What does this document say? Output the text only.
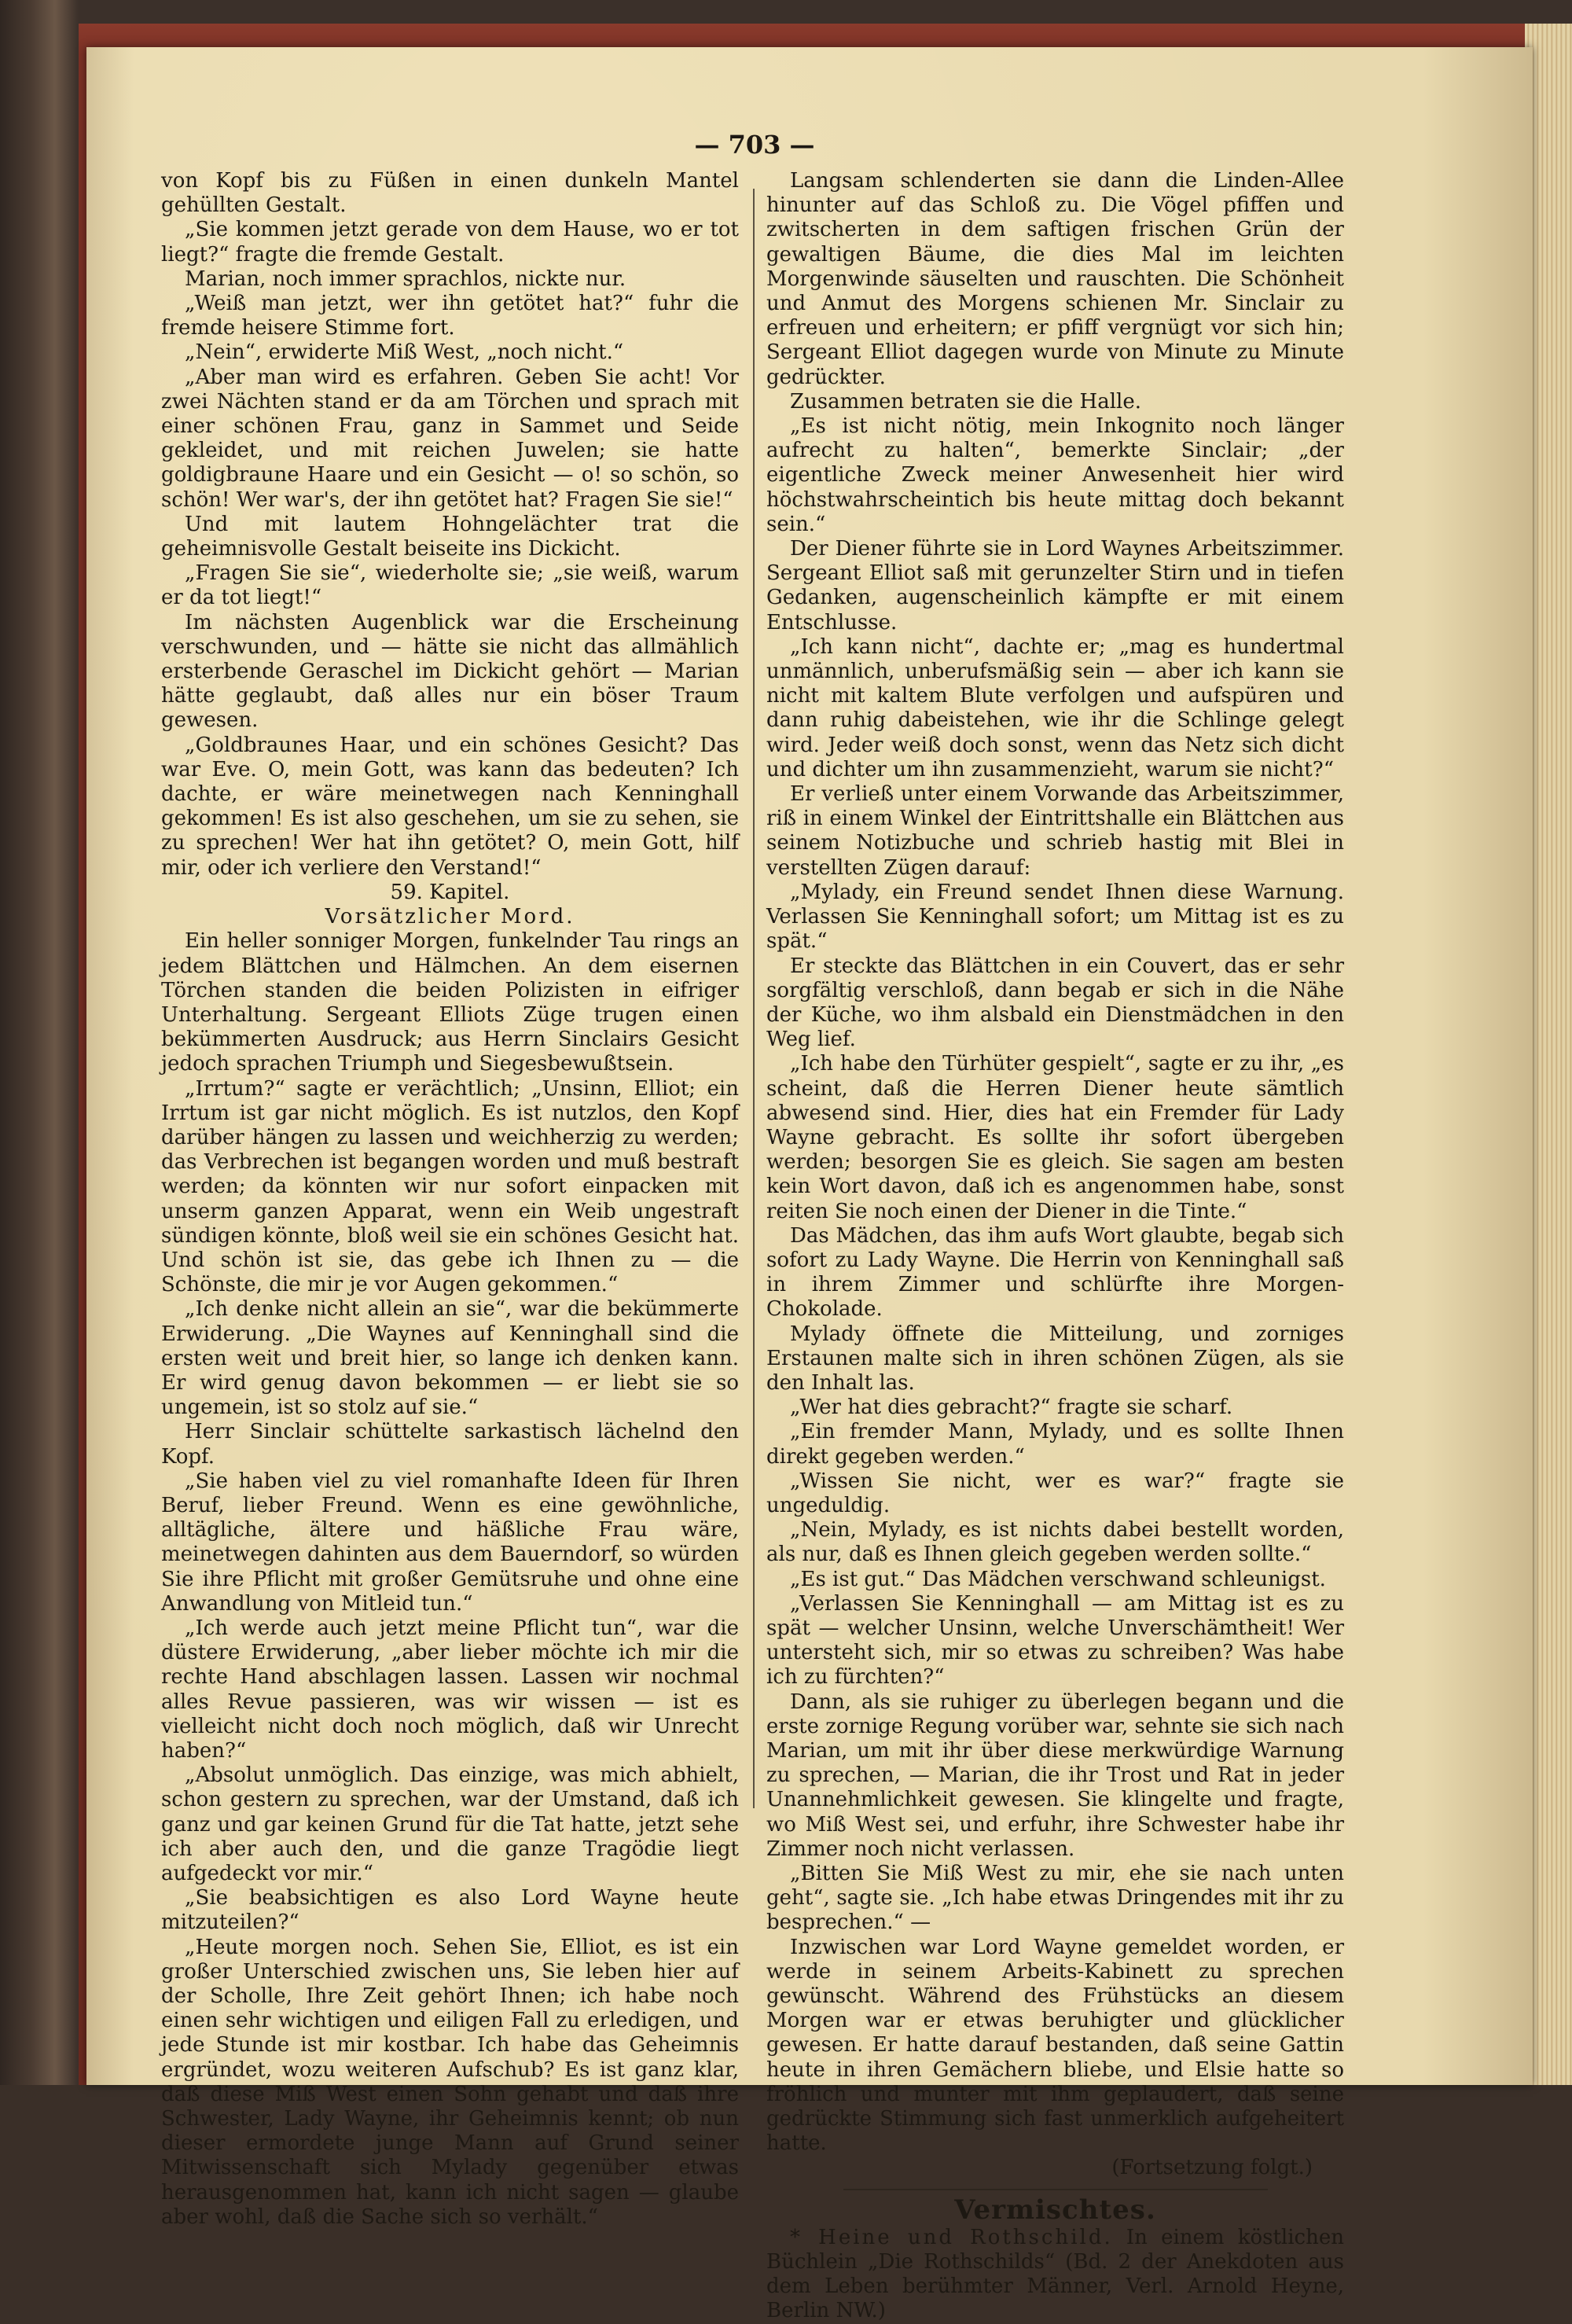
— 703 —

von Kopf bis zu Füßen in einen dunkeln Mantel gehüllten Gestalt.

„Sie kommen jetzt gerade von dem Hause, wo er tot liegt?“ fragte die fremde Gestalt.

Marian, noch immer sprachlos, nickte nur.

„Weiß man jetzt, wer ihn getötet hat?“ fuhr die fremde heisere Stimme fort.

„Nein“, erwiderte Miß West, „noch nicht.“

„Aber man wird es erfahren. Geben Sie acht! Vor zwei Nächten stand er da am Törchen und sprach mit einer schönen Frau, ganz in Sammet und Seide gekleidet, und mit reichen Juwelen; sie hatte goldigbraune Haare und ein Gesicht — o! so schön, so schön! Wer war's, der ihn getötet hat? Fragen Sie sie!“

Und mit lautem Hohngelächter trat die geheimnisvolle Gestalt beiseite ins Dickicht.

„Fragen Sie sie“, wiederholte sie; „sie weiß, warum er da tot liegt!“

Im nächsten Augenblick war die Erscheinung verschwunden, und — hätte sie nicht das allmählich ersterbende Geraschel im Dickicht gehört — Marian hätte geglaubt, daß alles nur ein böser Traum gewesen.

„Goldbraunes Haar, und ein schönes Gesicht? Das war Eve. O, mein Gott, was kann das bedeuten? Ich dachte, er wäre meinetwegen nach Kenninghall gekommen! Es ist also geschehen, um sie zu sehen, sie zu sprechen! Wer hat ihn getötet? O, mein Gott, hilf mir, oder ich verliere den Verstand!“

59. Kapitel.

Vorsätzlicher Mord.

Ein heller sonniger Morgen, funkelnder Tau rings an jedem Blättchen und Hälmchen. An dem eisernen Törchen standen die beiden Polizisten in eifriger Unterhaltung. Sergeant Elliots Züge trugen einen bekümmerten Ausdruck; aus Herrn Sinclairs Gesicht jedoch sprachen Triumph und Siegesbewußtsein.

„Irrtum?“ sagte er verächtlich; „Unsinn, Elliot; ein Irrtum ist gar nicht möglich. Es ist nutzlos, den Kopf darüber hängen zu lassen und weichherzig zu werden; das Verbrechen ist begangen worden und muß bestraft werden; da könnten wir nur sofort einpacken mit unserm ganzen Apparat, wenn ein Weib ungestraft sündigen könnte, bloß weil sie ein schönes Gesicht hat. Und schön ist sie, das gebe ich Ihnen zu — die Schönste, die mir je vor Augen gekommen.“

„Ich denke nicht allein an sie“, war die bekümmerte Erwiderung. „Die Waynes auf Kenninghall sind die ersten weit und breit hier, so lange ich denken kann. Er wird genug davon bekommen — er liebt sie so ungemein, ist so stolz auf sie.“

Herr Sinclair schüttelte sarkastisch lächelnd den Kopf.

„Sie haben viel zu viel romanhafte Ideen für Ihren Beruf, lieber Freund. Wenn es eine gewöhnliche, alltägliche, ältere und häßliche Frau wäre, meinetwegen dahinten aus dem Bauerndorf, so würden Sie ihre Pflicht mit großer Gemütsruhe und ohne eine Anwandlung von Mitleid tun.“

„Ich werde auch jetzt meine Pflicht tun“, war die düstere Erwiderung, „aber lieber möchte ich mir die rechte Hand abschlagen lassen. Lassen wir nochmal alles Revue passieren, was wir wissen — ist es vielleicht nicht doch noch möglich, daß wir Unrecht haben?“

„Absolut unmöglich. Das einzige, was mich abhielt, schon gestern zu sprechen, war der Umstand, daß ich ganz und gar keinen Grund für die Tat hatte, jetzt sehe ich aber auch den, und die ganze Tragödie liegt aufgedeckt vor mir.“

„Sie beabsichtigen es also Lord Wayne heute mitzuteilen?“

„Heute morgen noch. Sehen Sie, Elliot, es ist ein großer Unterschied zwischen uns, Sie leben hier auf der Scholle, Ihre Zeit gehört Ihnen; ich habe noch einen sehr wichtigen und eiligen Fall zu erledigen, und jede Stunde ist mir kostbar. Ich habe das Geheimnis ergründet, wozu weiteren Aufschub? Es ist ganz klar, daß diese Miß West einen Sohn gehabt und daß ihre Schwester, Lady Wayne, ihr Geheimnis kennt; ob nun dieser ermordete junge Mann auf Grund seiner Mitwissenschaft sich Mylady gegenüber etwas herausgenommen hat, kann ich nicht sagen — glaube aber wohl, daß die Sache sich so verhält.“

Langsam schlenderten sie dann die Linden-Allee hinunter auf das Schloß zu. Die Vögel pfiffen und zwitscherten in dem saftigen frischen Grün der gewaltigen Bäume, die dies Mal im leichten Morgenwinde säuselten und rauschten. Die Schönheit und Anmut des Morgens schienen Mr. Sinclair zu erfreuen und erheitern; er pfiff vergnügt vor sich hin; Sergeant Elliot dagegen wurde von Minute zu Minute gedrückter.

Zusammen betraten sie die Halle.

„Es ist nicht nötig, mein Inkognito noch länger aufrecht zu halten“, bemerkte Sinclair; „der eigentliche Zweck meiner Anwesenheit hier wird höchstwahrscheintich bis heute mittag doch bekannt sein.“

Der Diener führte sie in Lord Waynes Arbeitszimmer. Sergeant Elliot saß mit gerunzelter Stirn und in tiefen Gedanken, augenscheinlich kämpfte er mit einem Entschlusse.

„Ich kann nicht“, dachte er; „mag es hundertmal unmännlich, unberufsmäßig sein — aber ich kann sie nicht mit kaltem Blute verfolgen und aufspüren und dann ruhig dabeistehen, wie ihr die Schlinge gelegt wird. Jeder weiß doch sonst, wenn das Netz sich dicht und dichter um ihn zusammenzieht, warum sie nicht?“

Er verließ unter einem Vorwande das Arbeitszimmer, riß in einem Winkel der Eintrittshalle ein Blättchen aus seinem Notizbuche und schrieb hastig mit Blei in verstellten Zügen darauf:

„Mylady, ein Freund sendet Ihnen diese Warnung. Verlassen Sie Kenninghall sofort; um Mittag ist es zu spät.“

Er steckte das Blättchen in ein Couvert, das er sehr sorgfältig verschloß, dann begab er sich in die Nähe der Küche, wo ihm alsbald ein Dienstmädchen in den Weg lief.

„Ich habe den Türhüter gespielt“, sagte er zu ihr, „es scheint, daß die Herren Diener heute sämtlich abwesend sind. Hier, dies hat ein Fremder für Lady Wayne gebracht. Es sollte ihr sofort übergeben werden; besorgen Sie es gleich. Sie sagen am besten kein Wort davon, daß ich es angenommen habe, sonst reiten Sie noch einen der Diener in die Tinte.“

Das Mädchen, das ihm aufs Wort glaubte, begab sich sofort zu Lady Wayne. Die Herrin von Kenninghall saß in ihrem Zimmer und schlürfte ihre Morgen-Chokolade.

Mylady öffnete die Mitteilung, und zorniges Erstaunen malte sich in ihren schönen Zügen, als sie den Inhalt las.

„Wer hat dies gebracht?“ fragte sie scharf.

„Ein fremder Mann, Mylady, und es sollte Ihnen direkt gegeben werden.“

„Wissen Sie nicht, wer es war?“ fragte sie ungeduldig.

„Nein, Mylady, es ist nichts dabei bestellt worden, als nur, daß es Ihnen gleich gegeben werden sollte.“

„Es ist gut.“ Das Mädchen verschwand schleunigst.

„Verlassen Sie Kenninghall — am Mittag ist es zu spät — welcher Unsinn, welche Unverschämtheit! Wer untersteht sich, mir so etwas zu schreiben? Was habe ich zu fürchten?“

Dann, als sie ruhiger zu überlegen begann und die erste zornige Regung vorüber war, sehnte sie sich nach Marian, um mit ihr über diese merkwürdige Warnung zu sprechen, — Marian, die ihr Trost und Rat in jeder Unannehmlichkeit gewesen. Sie klingelte und fragte, wo Miß West sei, und erfuhr, ihre Schwester habe ihr Zimmer noch nicht verlassen.

„Bitten Sie Miß West zu mir, ehe sie nach unten geht“, sagte sie. „Ich habe etwas Dringendes mit ihr zu besprechen.“ —

Inzwischen war Lord Wayne gemeldet worden, er werde in seinem Arbeits-Kabinett zu sprechen gewünscht. Während des Frühstücks an diesem Morgen war er etwas beruhigter und glücklicher gewesen. Er hatte darauf bestanden, daß seine Gattin heute in ihren Gemächern bliebe, und Elsie hatte so fröhlich und munter mit ihm geplaudert, daß seine gedrückte Stimmung sich fast unmerklich aufgeheitert hatte.

(Fortsetzung folgt.)

Vermischtes.

* Heine und Rothschild. In einem köstlichen Büchlein „Die Rothschilds“ (Bd. 2 der Anekdoten aus dem Leben berühmter Männer, Verl. Arnold Heyne, Berlin NW.)
